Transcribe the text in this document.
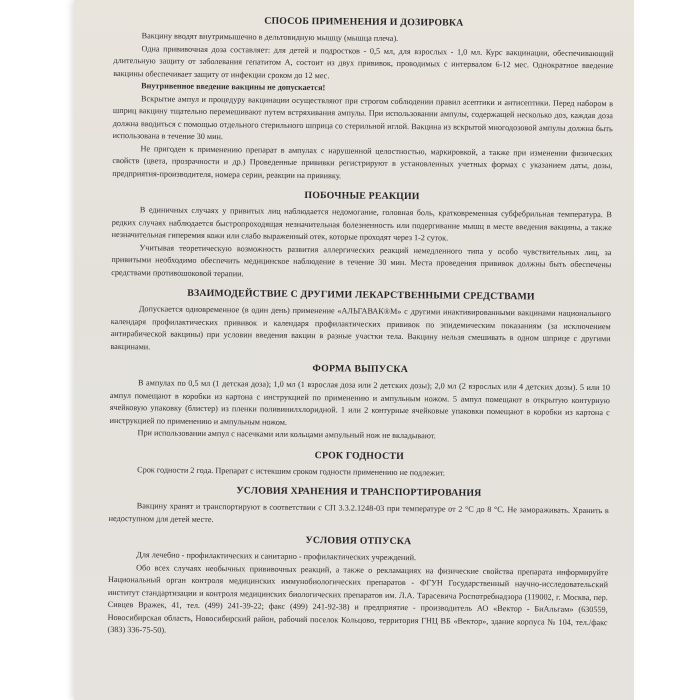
СПОСОБ ПРИМЕНЕНИЯ И ДОЗИРОВКА

Вакцину вводят внутримышечно в дельтовидную мышцу (мышца плеча).

Одна прививочная доза составляет: для детей и подростков - 0,5 мл, для взрослых - 1,0 мл. Курс вакцинации, обеспечивающий длительную защиту от заболевания гепатитом А, состоит из двух прививок, проводимых с интервалом 6-12 мес. Однократное введение вакцины обеспечивает защиту от инфекции сроком до 12 мес.

Внутривенное введение вакцины не допускается!

Вскрытие ампул и процедуру вакцинации осуществляют при строгом соблюдении правил асептики и антисептики. Перед набором в шприц вакцину тщательно перемешивают путем встряхивания ампулы. При использовании ампулы, содержащей несколько доз, каждая доза должна вводиться с помощью отдельного стерильного шприца со стерильной иглой. Вакцина из вскрытой многодозовой ампулы должна быть использована в течение 30 мин.

Не пригоден к применению препарат в ампулах с нарушенной целостностью, маркировкой, а также при изменении физических свойств (цвета, прозрачности и др.) Проведенные прививки регистрируют в установленных учетных формах с указанием даты, дозы, предприятия-производителя, номера серии, реакции на прививку.

ПОБОЧНЫЕ РЕАКЦИИ

В единичных случаях у привитых лиц наблюдается недомогание, головная боль, кратковременная субфебрильная температура. В редких случаях наблюдается быстропроходящая незначительная болезненность или подергивание мышц в месте введения вакцины, а также незначительная гиперемия кожи или слабо выраженный отек, которые проходят через 1-2 суток.

Учитывая теоретическую возможность развития аллергических реакций немедленного типа у особо чувствительных лиц, за привитыми необходимо обеспечить медицинское наблюдение в течение 30 мин. Места проведения прививок должны быть обеспечены средствами противошоковой терапии.

ВЗАИМОДЕЙСТВИЕ С ДРУГИМИ ЛЕКАРСТВЕННЫМИ СРЕДСТВАМИ

Допускается одновременное (в один день) применение «АЛЬГАВАК®М» с другими инактивированными вакцинами национального календаря профилактических прививок и календаря профилактических прививок по эпидемическим показаниям (за исключением антирабической вакцины) при условии введения вакцин в разные участки тела. Вакцину нельзя смешивать в одном шприце с другими вакцинами.

ФОРМА ВЫПУСКА

В ампулах по 0,5 мл (1 детская доза); 1,0 мл (1 взрослая доза или 2 детских дозы); 2,0 мл (2 взрослых или 4 детских дозы). 5 или 10 ампул помещают в коробки из картона с инструкцией по применению и ампульным ножом. 5 ампул помещают в открытую контурную ячейковую упаковку (блистер) из пленки поливинилхлоридной. 1 или 2 контурные ячейковые упаковки помещают в коробки из картона с инструкцией по применению и ампульным ножом.

При использовании ампул с насечками или кольцами ампульный нож не вкладывают.

СРОК ГОДНОСТИ

Срок годности 2 года. Препарат с истекшим сроком годности применению не подлежит.

УСЛОВИЯ ХРАНЕНИЯ И ТРАНСПОРТИРОВАНИЯ

Вакцину хранят и транспортируют в соответствии с СП 3.3.2.1248-03 при температуре от 2 °С до 8 °С. Не замораживать. Хранить в недоступном для детей месте.

УСЛОВИЯ ОТПУСКА

Для лечебно - профилактических и санитарно - профилактических учреждений.

Обо всех случаях необычных прививочных реакций, а также о рекламациях на физические свойства препарата информируйте Национальный орган контроля медицинских иммунобиологических препаратов - ФГУН Государственный научно-исследовательский институт стандартизации и контроля медицинских биологических препаратов им. Л.А. Тарасевича Роспотребнадзора (119002, г. Москва, пер. Сивцев Вражек, 41, тел. (499) 241-39-22; факс (499) 241-92-38) и предприятие - производитель АО «Вектор - БиАльгам» (630559, Новосибирская область, Новосибирский район, рабочий поселок Кольцово, территория ГНЦ ВБ «Вектор», здание корпуса № 104, тел./факс (383) 336-75-50).
